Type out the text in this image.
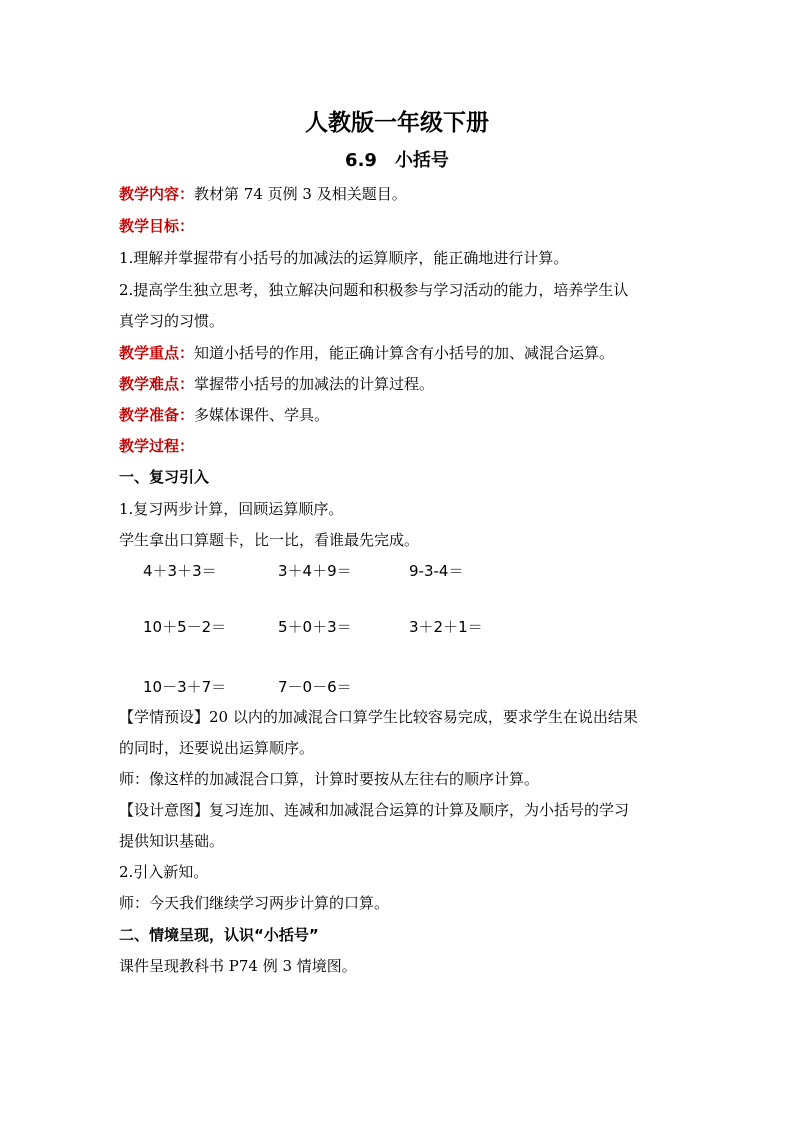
人教版一年级下册
6.9 小括号
教学内容：教材第 74 页例 3 及相关题目。
教学目标：
1.理解并掌握带有小括号的加减法的运算顺序，能正确地进行计算。
2.提高学生独立思考，独立解决问题和积极参与学习活动的能力，培养学生认
真学习的习惯。
教学重点：知道小括号的作用，能正确计算含有小括号的加、减混合运算。
教学难点：掌握带小括号的加减法的计算过程。
教学准备：多媒体课件、学具。
教学过程：
一、复习引入
1.复习两步计算，回顾运算顺序。
学生拿出口算题卡，比一比，看谁最先完成。
4＋3＋3＝	3＋4＋9＝	9-3-4＝
10＋5－2＝	5＋0＋3＝	3＋2＋1＝
10－3＋7＝	7－0－6＝
【学情预设】20 以内的加减混合口算学生比较容易完成，要求学生在说出结果
的同时，还要说出运算顺序。
师：像这样的加减混合口算，计算时要按从左往右的顺序计算。
【设计意图】复习连加、连减和加减混合运算的计算及顺序，为小括号的学习
提供知识基础。
2.引入新知。
师：今天我们继续学习两步计算的口算。
二、情境呈现，认识“小括号”
课件呈现教科书 P74 例 3 情境图。
